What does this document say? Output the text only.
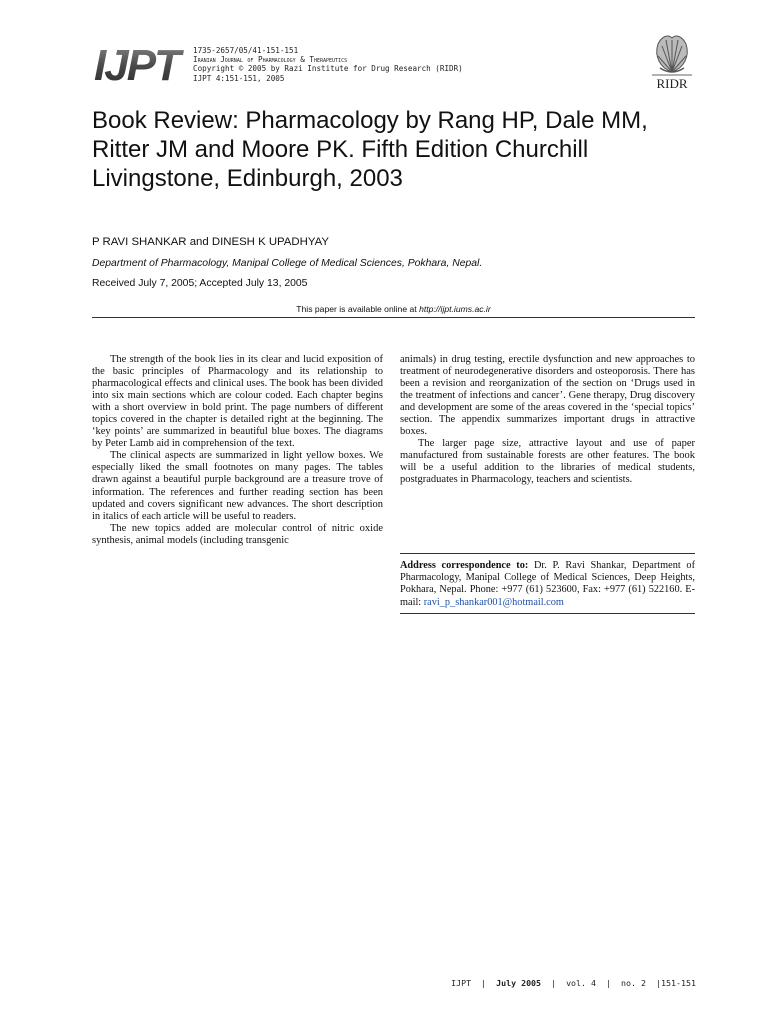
IJPT	1735-2657/05/41-151-151
Iranian Journal of Pharmacology & Therapeutics
Copyright © 2005 by Razi Institute for Drug Research (RIDR)
IJPT 4:151-151, 2005	RIDR
Book Review: Pharmacology by Rang HP, Dale MM, Ritter JM and Moore PK. Fifth Edition Churchill Livingstone, Edinburgh, 2003
P RAVI SHANKAR and DINESH K UPADHYAY
Department of Pharmacology, Manipal College of Medical Sciences, Pokhara, Nepal.
Received July 7, 2005; Accepted July 13, 2005
This paper is available online at http://ijpt.iums.ac.ir

The strength of the book lies in its clear and lucid exposition of the basic principles of Pharmacology and its relationship to pharmacological effects and clinical uses. The book has been divided into six main sections which are colour coded. Each chapter begins with a short overview in bold print. The page numbers of different topics covered in the chapter is detailed right at the beginning. The ‘key points’ are summarized in beautiful blue boxes. The diagrams by Peter Lamb aid in comprehension of the text.

The clinical aspects are summarized in light yellow boxes. We especially liked the small footnotes on many pages. The tables drawn against a beautiful purple background are a treasure trove of information. The references and further reading section has been updated and covers significant new advances. The short description in italics of each article will be useful to readers.

The new topics added are molecular control of nitric oxide synthesis, animal models (including transgenic

animals) in drug testing, erectile dysfunction and new approaches to treatment of neurodegenerative disorders and osteoporosis. There has been a revision and reorganization of the section on ‘Drugs used in the treatment of infections and cancer’. Gene therapy, Drug discovery and development are some of the areas covered in the ‘special topics’ section. The appendix summarizes important drugs in attractive boxes.

The larger page size, attractive layout and use of paper manufactured from sustainable forests are other features. The book will be a useful addition to the libraries of medical students, postgraduates in Pharmacology, teachers and scientists.

Address correspondence to: Dr. P. Ravi Shankar, Department of Pharmacology, Manipal College of Medical Sciences, Deep Heights, Pokhara, Nepal. Phone: +977 (61) 523600, Fax: +977 (61) 522160. E-mail: ravi_p_shankar001@hotmail.com
IJPT | July 2005 | vol. 4 | no. 2 |151-151
